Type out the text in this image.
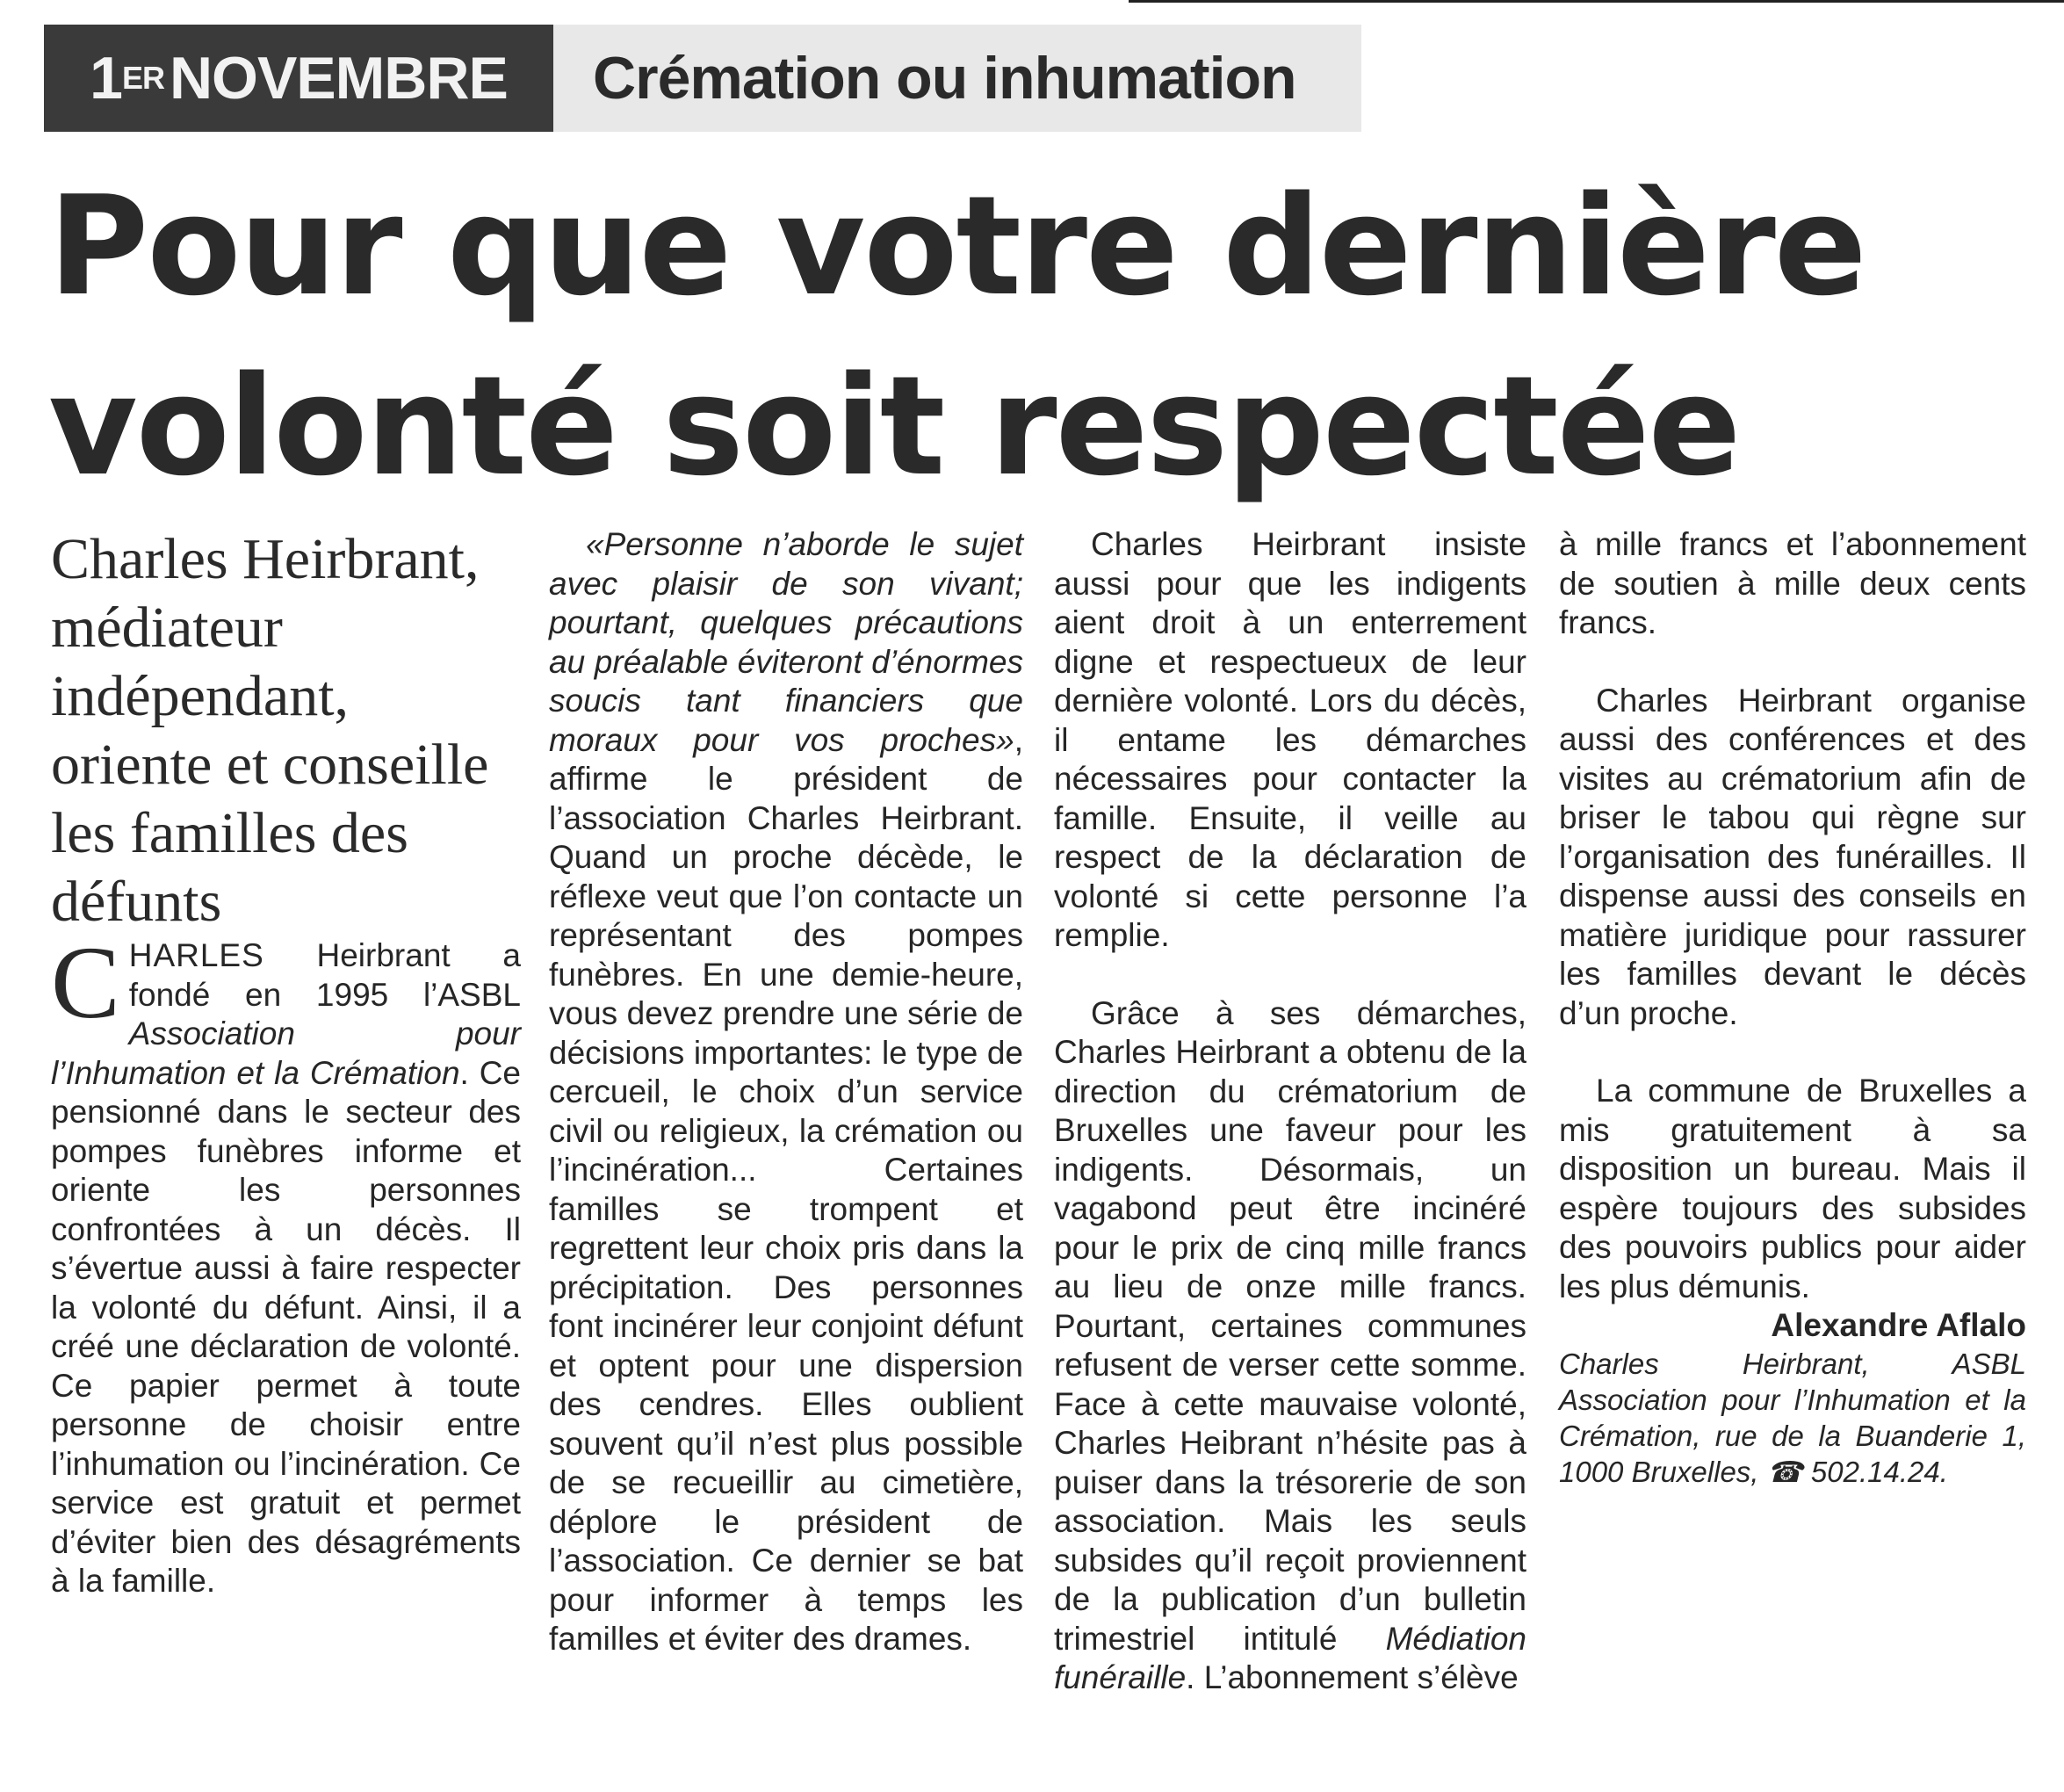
1 ER NOVEMBRE	Crémation ou inhumation
Pour que votre dernière
volonté soit respectée

Charles Heirbrant, médiateur indépendant, oriente et conseille les familles des défunts

CHARLES Heirbrant a fondé en 1995 l’ASBL Association pour l’Inhumation et la Crémation. Ce pensionné dans le secteur des pompes funèbres informe et oriente les personnes confrontées à un décès. Il s’évertue aussi à faire respecter la volonté du défunt. Ainsi, il a créé une déclaration de volonté. Ce papier permet à toute personne de choisir entre l’inhumation ou l’incinération. Ce service est gratuit et permet d’éviter bien des désagréments à la famille.

«Personne n’aborde le sujet avec plaisir de son vivant; pourtant, quelques précautions au préalable éviteront d’énormes soucis tant financiers que moraux pour vos proches», affirme le président de l’association Charles Heirbrant. Quand un proche décède, le réflexe veut que l’on contacte un représentant des pompes funèbres. En une demie-heure, vous devez prendre une série de décisions importantes: le type de cercueil, le choix d’un service civil ou religieux, la crémation ou l’incinération... Certaines familles se trompent et regrettent leur choix pris dans la précipitation. Des personnes font incinérer leur conjoint défunt et optent pour une dispersion des cendres. Elles oublient souvent qu’il n’est plus possible de se recueillir au cimetière, déplore le président de l’association. Ce dernier se bat pour informer à temps les familles et éviter des drames.

Charles Heirbrant insiste aussi pour que les indigents aient droit à un enterrement digne et respectueux de leur dernière volonté. Lors du décès, il entame les démarches nécessaires pour contacter la famille. Ensuite, il veille au respect de la déclaration de volonté si cette personne l’a remplie.

Grâce à ses démarches, Charles Heirbrant a obtenu de la direction du crématorium de Bruxelles une faveur pour les indigents. Désormais, un vagabond peut être incinéré pour le prix de cinq mille francs au lieu de onze mille francs. Pourtant, certaines communes refusent de verser cette somme. Face à cette mauvaise volonté, Charles Heibrant n’hésite pas à puiser dans la trésorerie de son association. Mais les seuls subsides qu’il reçoit proviennent de la publication d’un bulletin trimestriel intitulé Médiation funéraille. L’abonnement s’élève

à mille francs et l’abonnement de soutien à mille deux cents francs.

Charles Heirbrant organise aussi des conférences et des visites au crématorium afin de briser le tabou qui règne sur l’organisation des funérailles. Il dispense aussi des conseils en matière juridique pour rassurer les familles devant le décès d’un proche.

La commune de Bruxelles a mis gratuitement à sa disposition un bureau. Mais il espère toujours des subsides des pouvoirs publics pour aider les plus démunis.

Alexandre Aflalo

Charles Heirbrant, ASBL Association pour l’Inhumation et la Crémation, rue de la Buanderie 1, 1000 Bruxelles, ☎ 502.14.24.
